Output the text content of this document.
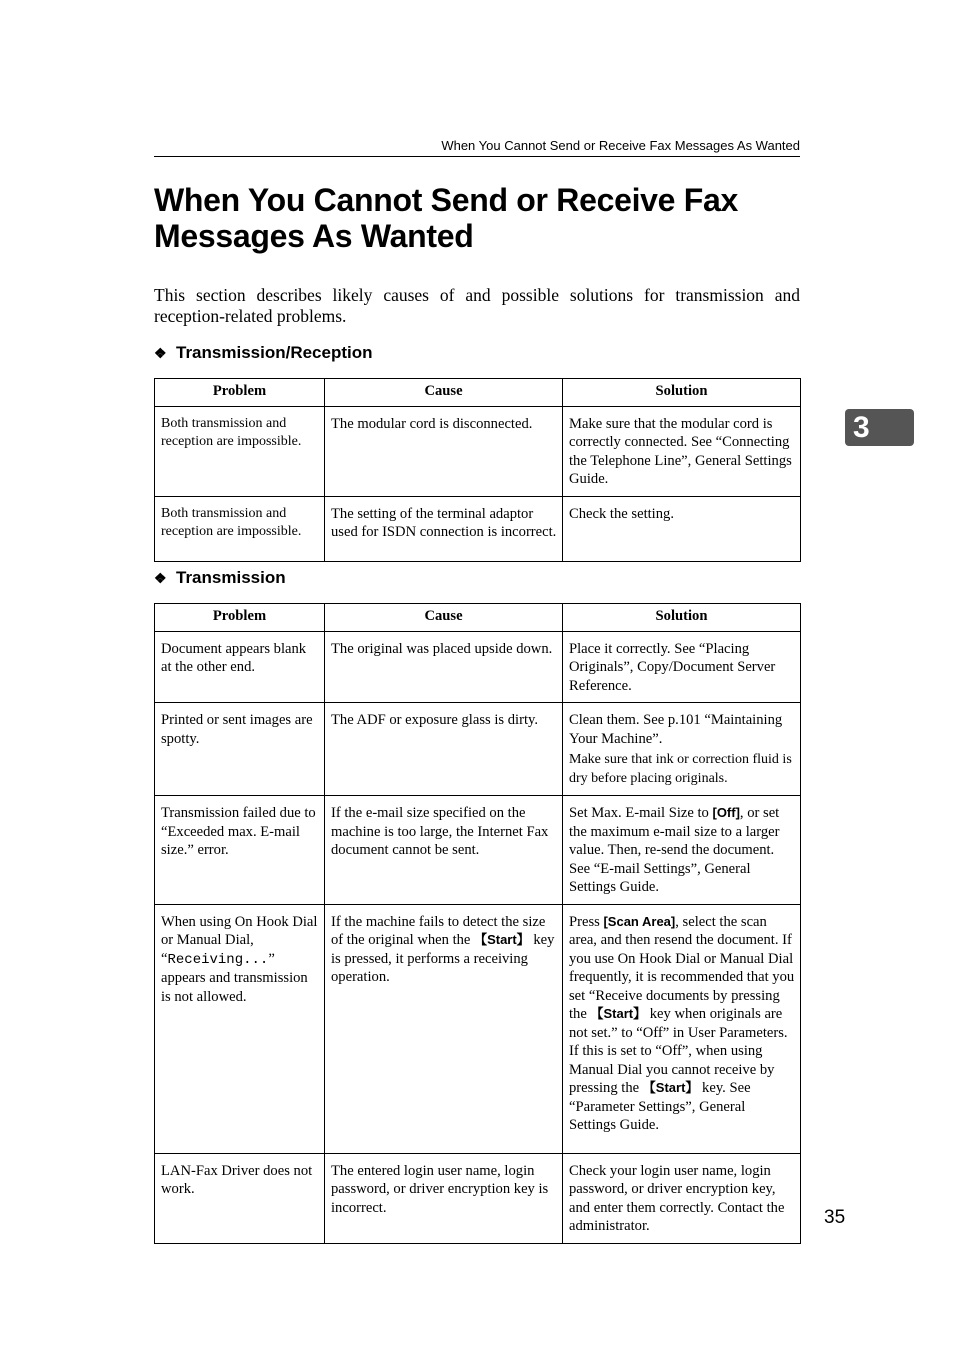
When You Cannot Send or Receive Fax Messages As Wanted
When You Cannot Send or Receive Fax Messages As Wanted

This section describes likely causes of and possible solutions for transmission and reception-related problems.

❖ Transmission/Reception
Problem	Cause	Solution
Both transmission and reception are impossible.	The modular cord is disconnected.	Make sure that the modular cord is correctly connected. See “Connecting the Telephone Line”, General Settings Guide.
Both transmission and reception are impossible.	The setting of the terminal adaptor used for ISDN connection is incorrect.	Check the setting.
❖ Transmission
Problem	Cause	Solution
Document appears blank at the other end.	The original was placed upside down.	Place it correctly. See “Placing Originals”, Copy/Document Server Reference.
Printed or sent images are spotty.	The ADF or exposure glass is dirty.	Clean them. See p.101 “Maintaining Your Machine”.

Make sure that ink or correction fluid is dry before placing originals.

Transmission failed due to “Exceeded max. E-mail size.” error.	If the e-mail size specified on the machine is too large, the Internet Fax document cannot be sent.	Set Max. E-mail Size to [Off], or set the maximum e-mail size to a larger value. Then, re-send the document. See “E-mail Settings”, General Settings Guide.
When using On Hook Dial or Manual Dial, “Receiving...” appears and transmission is not allowed.	If the machine fails to detect the size of the original when the 【Start】 key is pressed, it performs a receiving operation.	Press [Scan Area], select the scan area, and then resend the document. If you use On Hook Dial or Manual Dial frequently, it is recommended that you set “Receive documents by pressing the 【Start】 key when originals are not set.” to “Off” in User Parameters. If this is set to “Off”, when using Manual Dial you cannot receive by pressing the 【Start】 key. See “Parameter Settings”, General Settings Guide.
LAN-Fax Driver does not work.	The entered login user name, login password, or driver encryption key is incorrect.	Check your login user name, login password, or driver encryption key, and enter them correctly. Contact the administrator.
3
35
